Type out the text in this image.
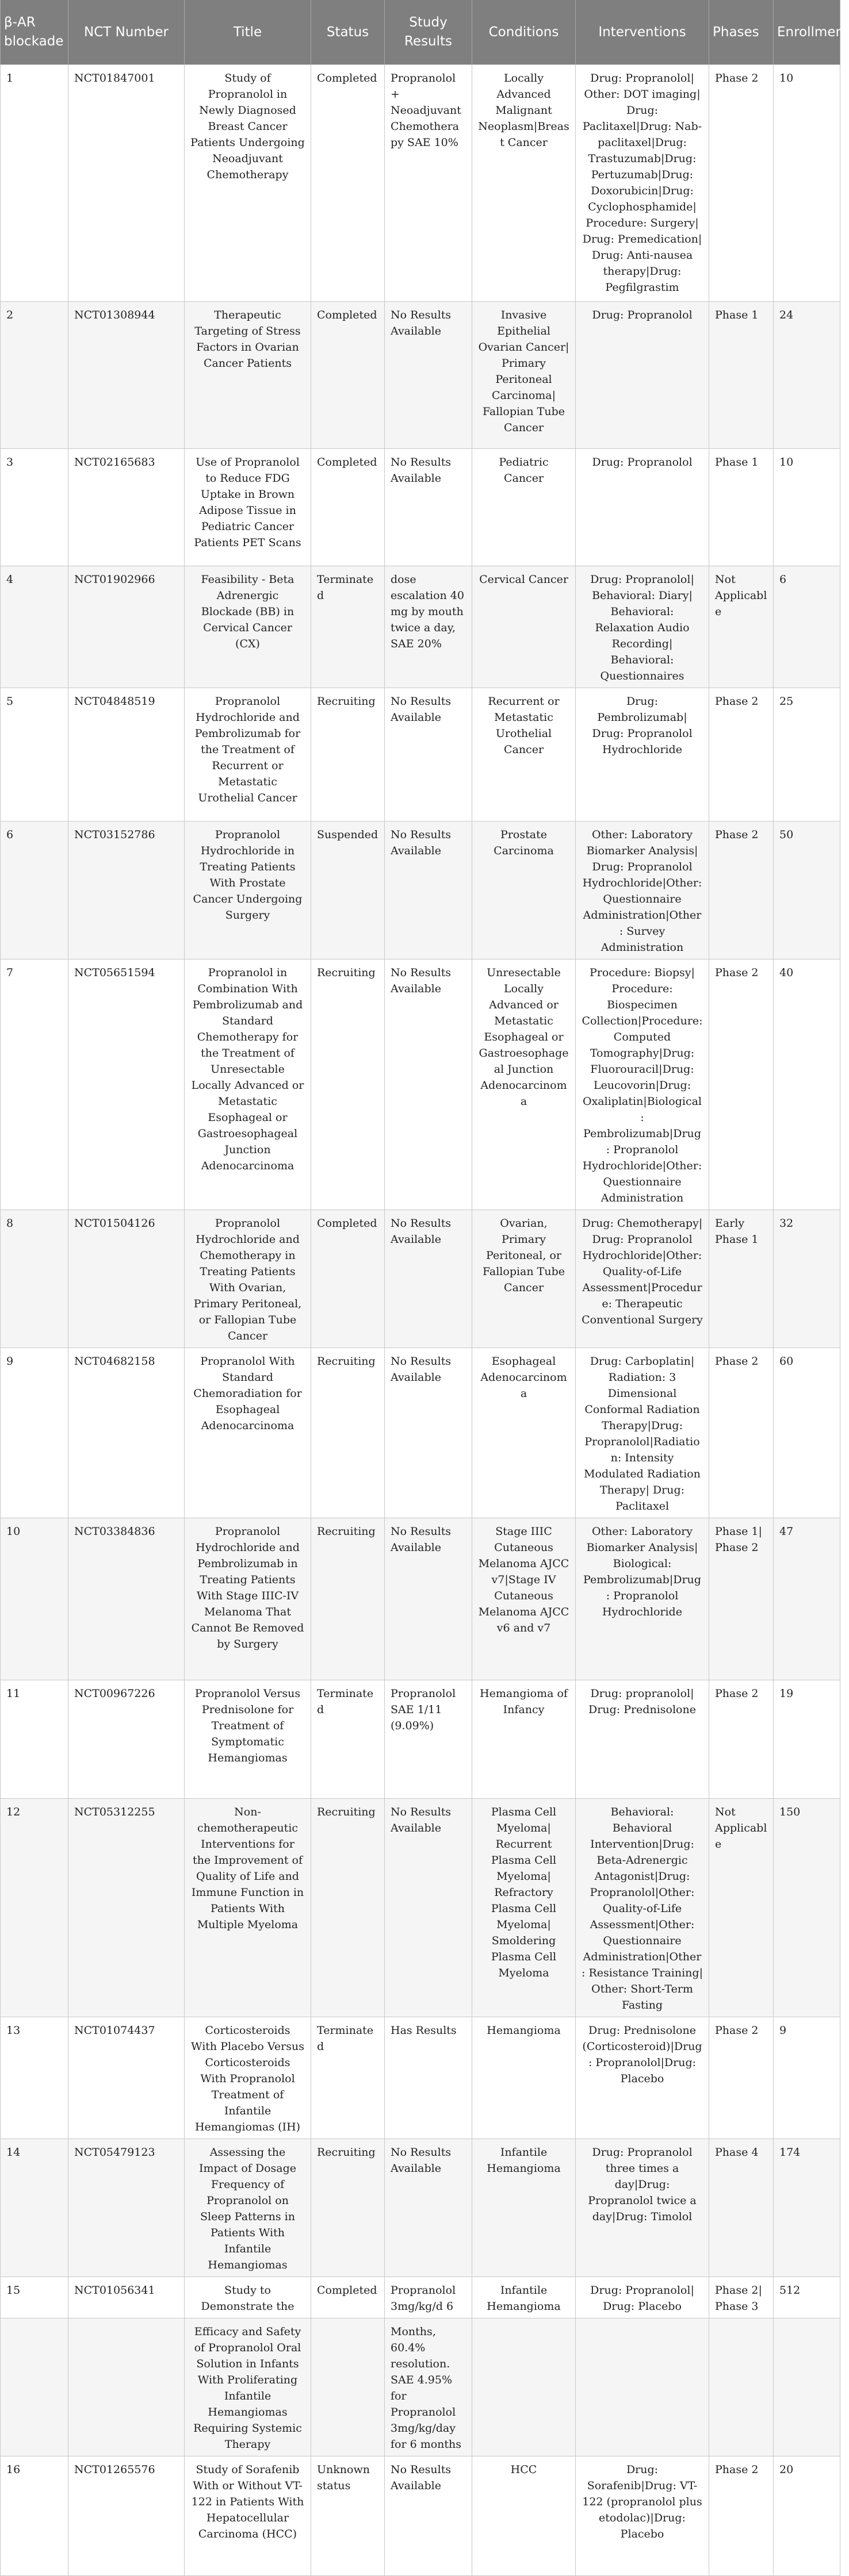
β-AR blockade	NCT Number	Title	Status	Study Results	Conditions	Interventions	Phases	Enrollment
1	NCT01847001	Study of Propranolol in Newly Diagnosed Breast Cancer Patients Undergoing Neoadjuvant Chemotherapy	Completed	Propranolol + Neoadjuvant Chemotherapy SAE 10%	Locally Advanced Malignant Neoplasm|Breast Cancer	Drug: Propranolol| Other: DOT imaging| Drug: Paclitaxel|Drug: Nab-paclitaxel|Drug: Trastuzumab|Drug: Pertuzumab|Drug: Doxorubicin|Drug: Cyclophosphamide| Procedure: Surgery| Drug: Premedication| Drug: Anti-nausea therapy|Drug: Pegfilgrastim	Phase 2	10
2	NCT01308944	Therapeutic Targeting of Stress Factors in Ovarian Cancer Patients	Completed	No Results Available	Invasive Epithelial Ovarian Cancer| Primary Peritoneal Carcinoma| Fallopian Tube Cancer	Drug: Propranolol	Phase 1	24
3	NCT02165683	Use of Propranolol to Reduce FDG Uptake in Brown Adipose Tissue in Pediatric Cancer Patients PET Scans	Completed	No Results Available	Pediatric Cancer	Drug: Propranolol	Phase 1	10
4	NCT01902966	Feasibility - Beta Adrenergic Blockade (BB) in Cervical Cancer (CX)	Terminated	dose escalation 40 mg by mouth twice a day, SAE 20%	Cervical Cancer	Drug: Propranolol| Behavioral: Diary| Behavioral: Relaxation Audio Recording| Behavioral: Questionnaires	Not Applicable	6
5	NCT04848519	Propranolol Hydrochloride and Pembrolizumab for the Treatment of Recurrent or Metastatic Urothelial Cancer	Recruiting	No Results Available	Recurrent or Metastatic Urothelial Cancer	Drug: Pembrolizumab| Drug: Propranolol Hydrochloride	Phase 2	25
6	NCT03152786	Propranolol Hydrochloride in Treating Patients With Prostate Cancer Undergoing Surgery	Suspended	No Results Available	Prostate Carcinoma	Other: Laboratory Biomarker Analysis| Drug: Propranolol Hydrochloride|Other: Questionnaire Administration|Other: Survey Administration	Phase 2	50
7	NCT05651594	Propranolol in Combination With Pembrolizumab and Standard Chemotherapy for the Treatment of Unresectable Locally Advanced or Metastatic Esophageal or Gastroesophageal Junction Adenocarcinoma	Recruiting	No Results Available	Unresectable Locally Advanced or Metastatic Esophageal or Gastroesophageal Junction Adenocarcinoma	Procedure: Biopsy| Procedure: Biospecimen Collection|Procedure: Computed Tomography|Drug: Fluorouracil|Drug: Leucovorin|Drug: Oxaliplatin|Biological: Pembrolizumab|Drug: Propranolol Hydrochloride|Other: Questionnaire Administration	Phase 2	40
8	NCT01504126	Propranolol Hydrochloride and Chemotherapy in Treating Patients With Ovarian, Primary Peritoneal, or Fallopian Tube Cancer	Completed	No Results Available	Ovarian, Primary Peritoneal, or Fallopian Tube Cancer	Drug: Chemotherapy| Drug: Propranolol Hydrochloride|Other: Quality-of-Life Assessment|Procedure: Therapeutic Conventional Surgery	Early Phase 1	32
9	NCT04682158	Propranolol With Standard Chemoradiation for Esophageal Adenocarcinoma	Recruiting	No Results Available	Esophageal Adenocarcinoma	Drug: Carboplatin| Radiation: 3 Dimensional Conformal Radiation Therapy|Drug: Propranolol|Radiation: Intensity Modulated Radiation Therapy| Drug: Paclitaxel	Phase 2	60
10	NCT03384836	Propranolol Hydrochloride and Pembrolizumab in Treating Patients With Stage IIIC-IV Melanoma That Cannot Be Removed by Surgery	Recruiting	No Results Available	Stage IIIC Cutaneous Melanoma AJCC v7|Stage IV Cutaneous Melanoma AJCC v6 and v7	Other: Laboratory Biomarker Analysis| Biological: Pembrolizumab|Drug: Propranolol Hydrochloride	Phase 1| Phase 2	47
11	NCT00967226	Propranolol Versus Prednisolone for Treatment of Symptomatic Hemangiomas	Terminated	Propranolol SAE 1/11 (9.09%)	Hemangioma of Infancy	Drug: propranolol| Drug: Prednisolone	Phase 2	19
12	NCT05312255	Non-chemotherapeutic Interventions for the Improvement of Quality of Life and Immune Function in Patients With Multiple Myeloma	Recruiting	No Results Available	Plasma Cell Myeloma| Recurrent Plasma Cell Myeloma| Refractory Plasma Cell Myeloma| Smoldering Plasma Cell Myeloma	Behavioral: Behavioral Intervention|Drug: Beta-Adrenergic Antagonist|Drug: Propranolol|Other: Quality-of-Life Assessment|Other: Questionnaire Administration|Other: Resistance Training| Other: Short-Term Fasting	Not Applicable	150
13	NCT01074437	Corticosteroids With Placebo Versus Corticosteroids With Propranolol Treatment of Infantile Hemangiomas (IH)	Terminated	Has Results	Hemangioma	Drug: Prednisolone (Corticosteroid)|Drug: Propranolol|Drug: Placebo	Phase 2	9
14	NCT05479123	Assessing the Impact of Dosage Frequency of Propranolol on Sleep Patterns in Patients With Infantile Hemangiomas	Recruiting	No Results Available	Infantile Hemangioma	Drug: Propranolol three times a day|Drug: Propranolol twice a day|Drug: Timolol	Phase 4	174
15	NCT01056341	Study to Demonstrate the	Completed	Propranolol 3mg/kg/d 6	Infantile Hemangioma	Drug: Propranolol| Drug: Placebo	Phase 2| Phase 3	512
		Efficacy and Safety of Propranolol Oral Solution in Infants With Proliferating Infantile Hemangiomas Requiring Systemic Therapy		Months, 60.4% resolution. SAE 4.95% for Propranolol 3mg/kg/day for 6 months				
16	NCT01265576	Study of Sorafenib With or Without VT-122 in Patients With Hepatocellular Carcinoma (HCC)	Unknown status	No Results Available	HCC	Drug: Sorafenib|Drug: VT-122 (propranolol plus etodolac)|Drug: Placebo	Phase 2	20
